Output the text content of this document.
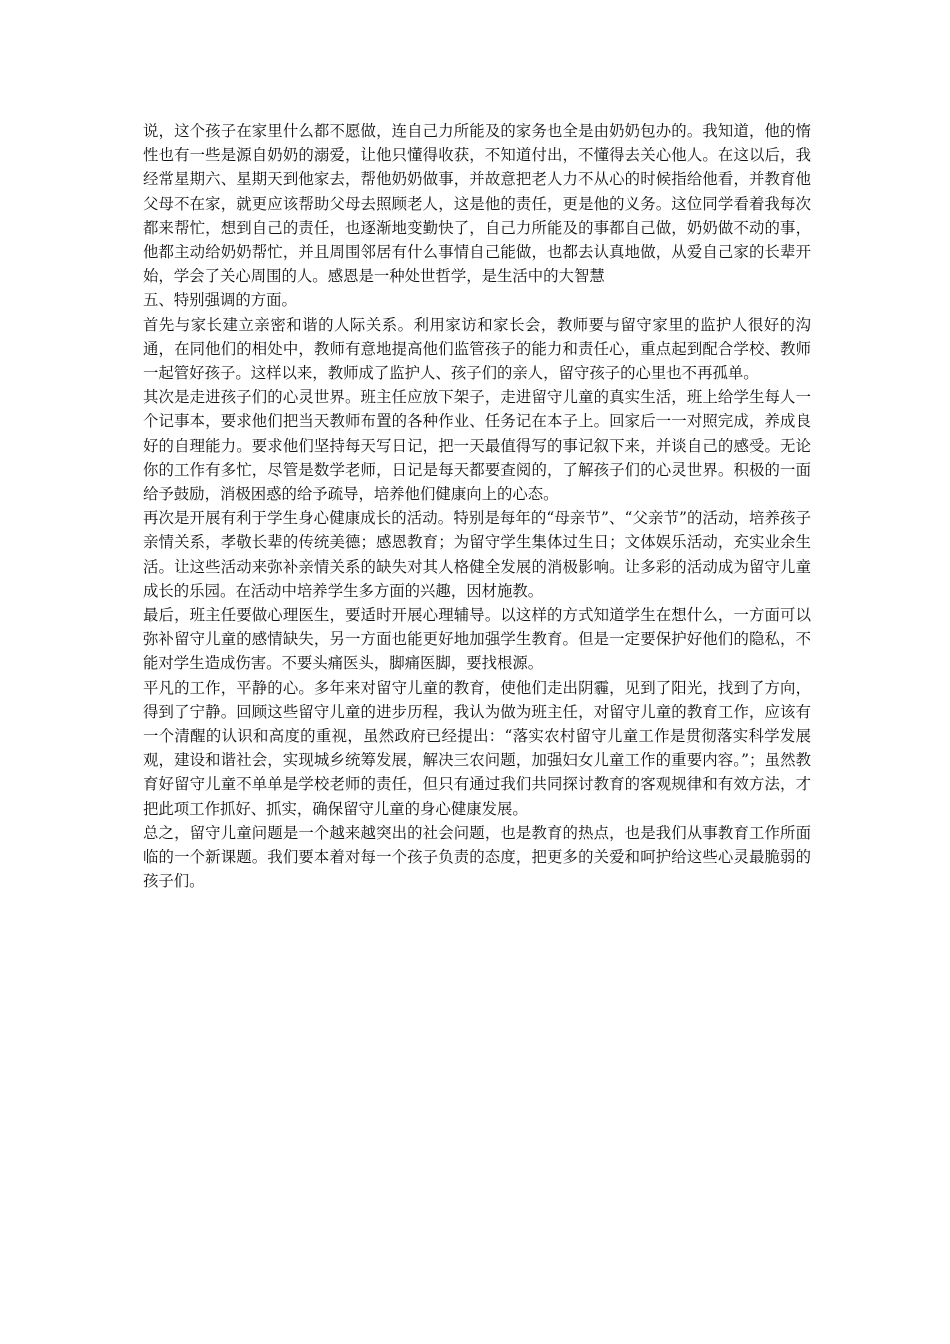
说，这个孩子在家里什么都不愿做，连自己力所能及的家务也全是由奶奶包办的。我知道，他的惰性也有一些是源自奶奶的溺爱，让他只懂得收获，不知道付出，不懂得去关心他人。在这以后，我经常星期六、星期天到他家去，帮他奶奶做事，并故意把老人力不从心的时候指给他看，并教育他父母不在家，就更应该帮助父母去照顾老人，这是他的责任，更是他的义务。这位同学看着我每次都来帮忙，想到自己的责任，也逐渐地变勤快了，自己力所能及的事都自己做，奶奶做不动的事，他都主动给奶奶帮忙，并且周围邻居有什么事情自己能做，也都去认真地做，从爱自己家的长辈开始，学会了关心周围的人。感恩是一种处世哲学，是生活中的大智慧

五、特别强调的方面。

首先与家长建立亲密和谐的人际关系。利用家访和家长会，教师要与留守家里的监护人很好的沟通，在同他们的相处中，教师有意地提高他们监管孩子的能力和责任心，重点起到配合学校、教师一起管好孩子。这样以来，教师成了监护人、孩子们的亲人，留守孩子的心里也不再孤单。

其次是走进孩子们的心灵世界。班主任应放下架子，走进留守儿童的真实生活，班上给学生每人一个记事本，要求他们把当天教师布置的各种作业、任务记在本子上。回家后一一对照完成，养成良好的自理能力。要求他们坚持每天写日记，把一天最值得写的事记叙下来，并谈自己的感受。无论你的工作有多忙，尽管是数学老师，日记是每天都要查阅的，了解孩子们的心灵世界。积极的一面给予鼓励，消极困惑的给予疏导，培养他们健康向上的心态。

再次是开展有利于学生身心健康成长的活动。特别是每年的“母亲节”、“父亲节”的活动，培养孩子亲情关系，孝敬长辈的传统美德；感恩教育；为留守学生集体过生日；文体娱乐活动，充实业余生活。让这些活动来弥补亲情关系的缺失对其人格健全发展的消极影响。让多彩的活动成为留守儿童成长的乐园。在活动中培养学生多方面的兴趣，因材施教。

最后，班主任要做心理医生，要适时开展心理辅导。以这样的方式知道学生在想什么，一方面可以弥补留守儿童的感情缺失，另一方面也能更好地加强学生教育。但是一定要保护好他们的隐私，不能对学生造成伤害。不要头痛医头，脚痛医脚，要找根源。

平凡的工作，平静的心。多年来对留守儿童的教育，使他们走出阴霾，见到了阳光，找到了方向，得到了宁静。回顾这些留守儿童的进步历程，我认为做为班主任，对留守儿童的教育工作，应该有一个清醒的认识和高度的重视，虽然政府已经提出：“落实农村留守儿童工作是贯彻落实科学发展观，建设和谐社会，实现城乡统筹发展，解决三农问题，加强妇女儿童工作的重要内容。”；虽然教育好留守儿童不单单是学校老师的责任，但只有通过我们共同探讨教育的客观规律和有效方法，才把此项工作抓好、抓实，确保留守儿童的身心健康发展。

总之，留守儿童问题是一个越来越突出的社会问题，也是教育的热点，也是我们从事教育工作所面临的一个新课题。我们要本着对每一个孩子负责的态度，把更多的关爱和呵护给这些心灵最脆弱的孩子们。
